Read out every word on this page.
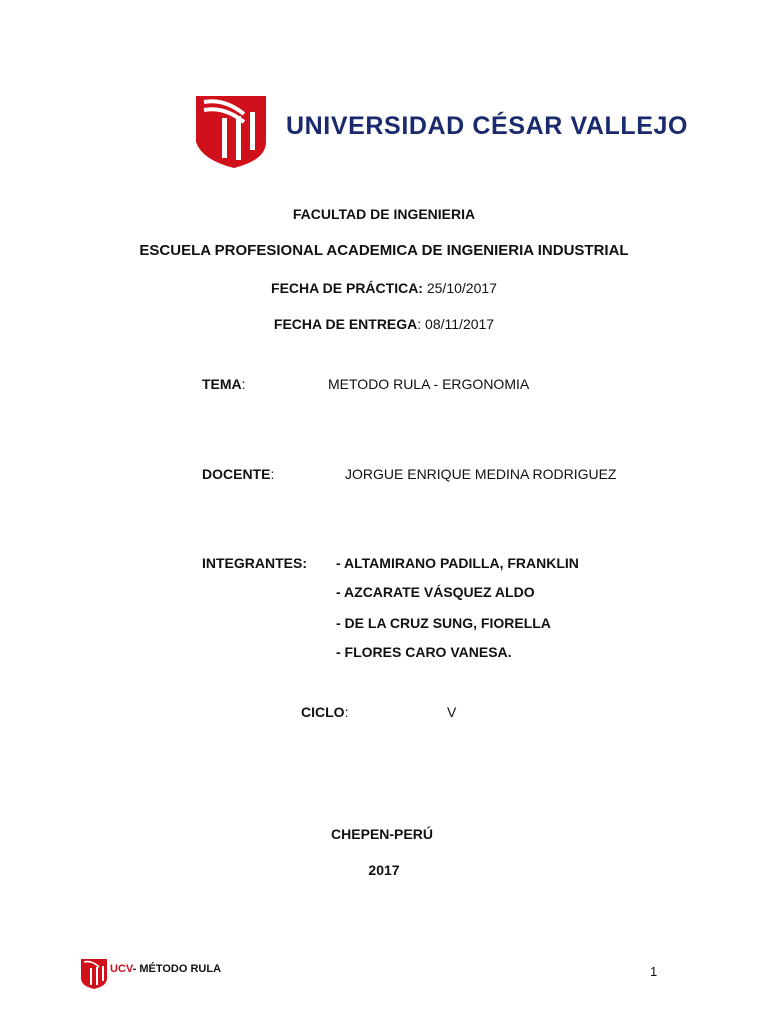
UNIVERSIDAD CÉSAR VALLEJO
FACULTAD DE INGENIERIA
ESCUELA PROFESIONAL ACADEMICA DE INGENIERIA INDUSTRIAL
FECHA DE PRÁCTICA: 25/10/2017
FECHA DE ENTREGA: 08/11/2017
TEMA:	METODO RULA - ERGONOMIA
DOCENTE:	JORGUE ENRIQUE MEDINA RODRIGUEZ
INTEGRANTES: - ALTAMIRANO PADILLA, FRANKLIN
- AZCARATE VÁSQUEZ ALDO
- DE LA CRUZ SUNG, FIORELLA
- FLORES CARO VANESA.
CICLO:	V
CHEPEN-PERÚ
2017
UCV- MÉTODO RULA	1
